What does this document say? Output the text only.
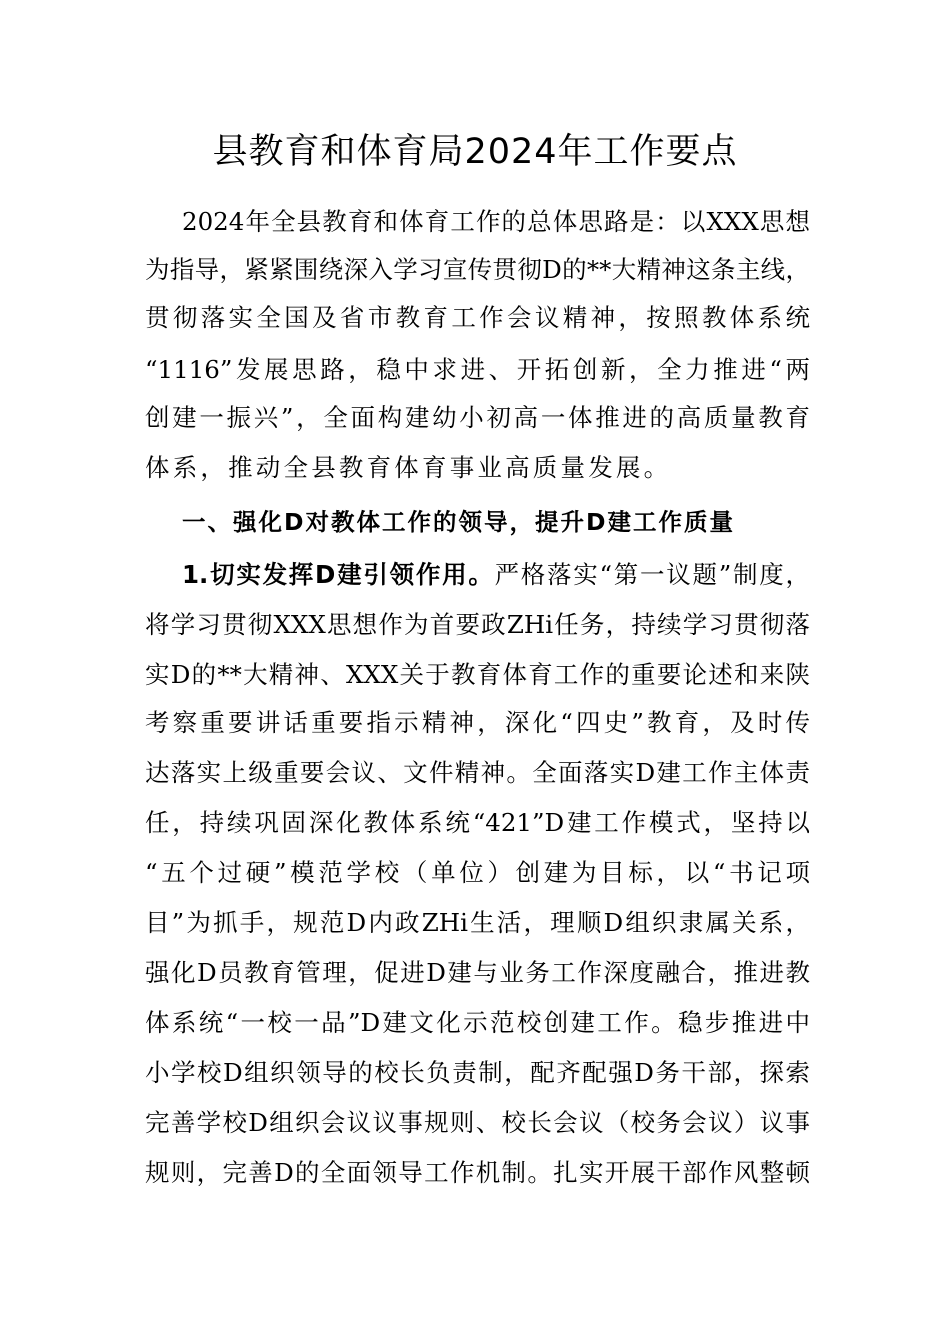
县教育和体育局2024年工作要点
2024年全县教育和体育工作的总体思路是：以XXX思想
为指导，紧紧围绕深入学习宣传贯彻D的**大精神这条主线，
贯彻落实全国及省市教育工作会议精神，按照教体系统
“1116”发展思路，稳中求进、开拓创新，全力推进“两
创建一振兴”，全面构建幼小初高一体推进的高质量教育
体系，推动全县教育体育事业高质量发展。
一、强化D对教体工作的领导，提升D建工作质量
1.切实发挥D建引领作用。严格落实“第一议题”制度，
将学习贯彻XXX思想作为首要政ZHi任务，持续学习贯彻落
实D的**大精神、XXX关于教育体育工作的重要论述和来陕
考察重要讲话重要指示精神，深化“四史”教育，及时传
达落实上级重要会议、文件精神。全面落实D建工作主体责
任，持续巩固深化教体系统“421”D建工作模式，坚持以
“五个过硬”模范学校（单位）创建为目标，以“书记项
目”为抓手，规范D内政ZHi生活，理顺D组织隶属关系，
强化D员教育管理，促进D建与业务工作深度融合，推进教
体系统“一校一品”D建文化示范校创建工作。稳步推进中
小学校D组织领导的校长负责制，配齐配强D务干部，探索
完善学校D组织会议议事规则、校长会议（校务会议）议事
规则，完善D的全面领导工作机制。扎实开展干部作风整顿
